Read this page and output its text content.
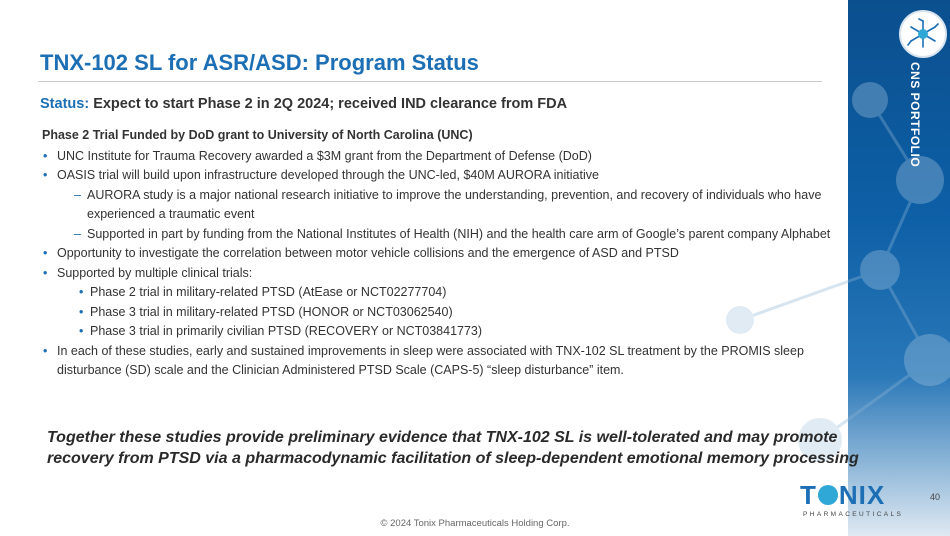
CNS PORTFOLIO
TNX-102 SL for ASR/ASD: Program Status
Status: Expect to start Phase 2 in 2Q 2024; received IND clearance from FDA
Phase 2 Trial Funded by DoD grant to University of North Carolina (UNC)
• UNC Institute for Trauma Recovery awarded a $3M grant from the Department of Defense (DoD)
• OASIS trial will build upon infrastructure developed through the UNC-led, $40M AURORA initiative
– AURORA study is a major national research initiative to improve the understanding, prevention, and recovery of individuals who have experienced a traumatic event
– Supported in part by funding from the National Institutes of Health (NIH) and the health care arm of Google’s parent company Alphabet
• Opportunity to investigate the correlation between motor vehicle collisions and the emergence of ASD and PTSD
• Supported by multiple clinical trials:
• Phase 2 trial in military-related PTSD (AtEase or NCT02277704)
• Phase 3 trial in military-related PTSD (HONOR or NCT03062540)
• Phase 3 trial in primarily civilian PTSD (RECOVERY or NCT03841773)
• In each of these studies, early and sustained improvements in sleep were associated with TNX-102 SL treatment by the PROMIS sleep disturbance (SD) scale and the Clinician Administered PTSD Scale (CAPS-5) “sleep disturbance” item.
Together these studies provide preliminary evidence that TNX-102 SL is well-tolerated and may promote recovery from PTSD via a pharmacodynamic facilitation of sleep-dependent emotional memory processing
T NIX
PHARMACEUTICALS
40
© 2024 Tonix Pharmaceuticals Holding Corp.
